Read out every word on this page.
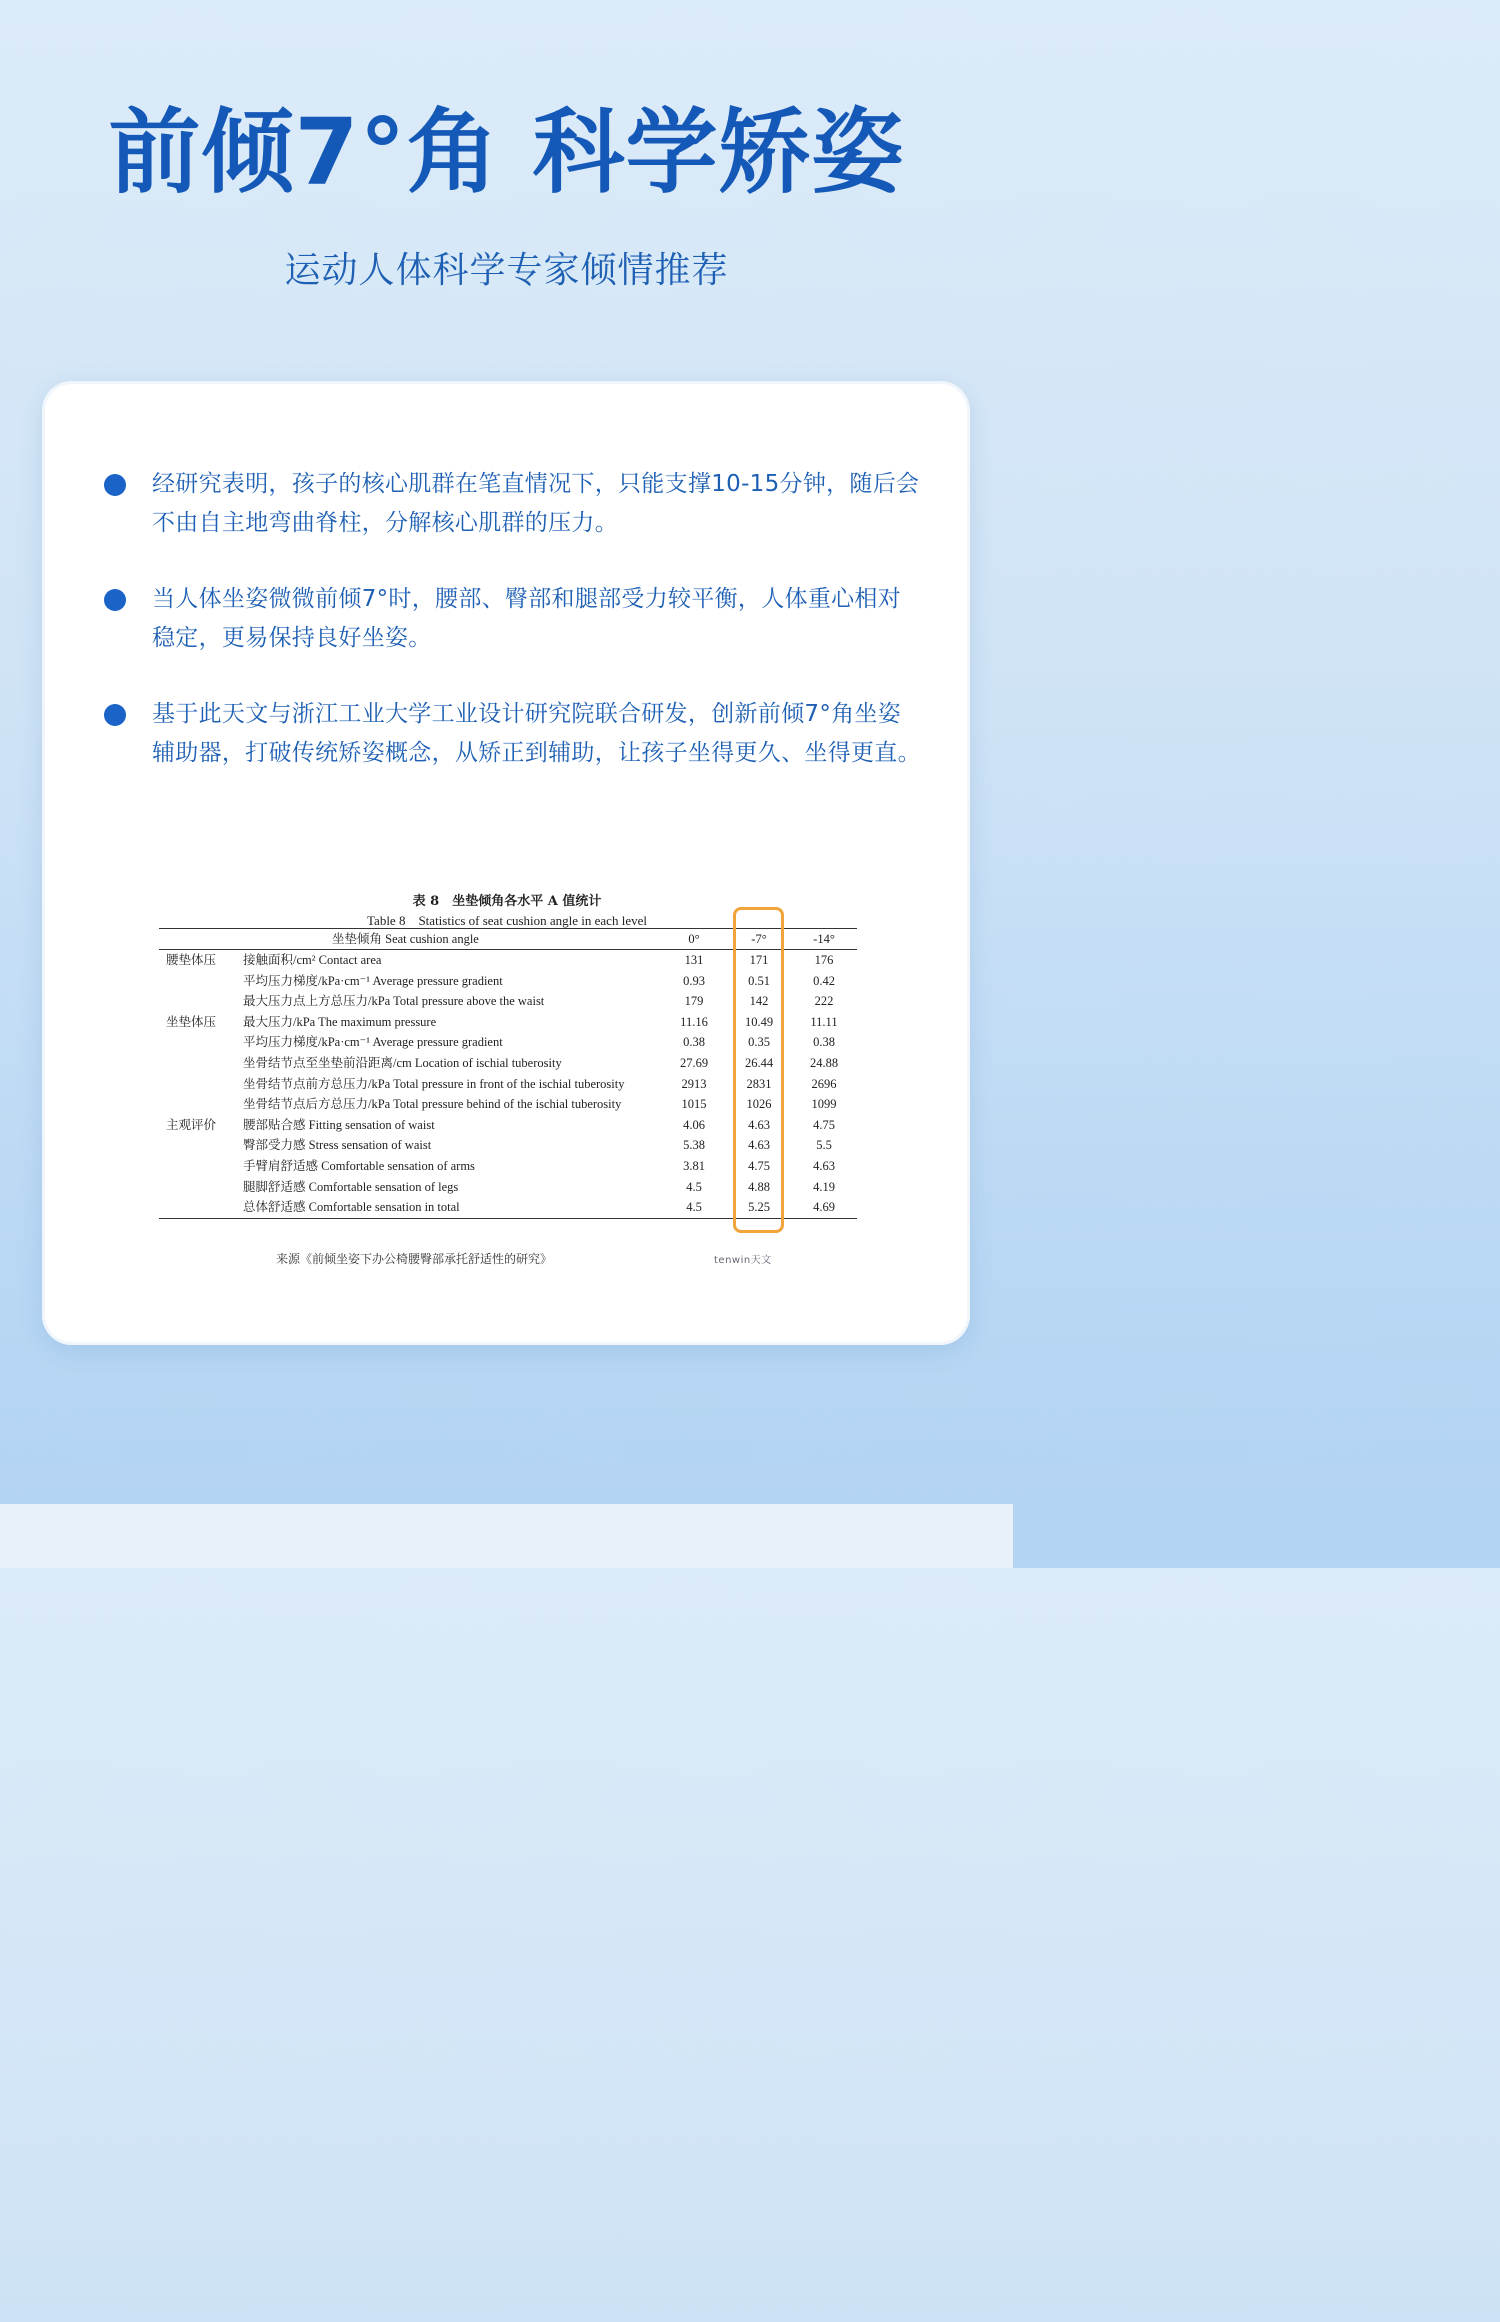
前倾7°角 科学矫姿
运动人体科学专家倾情推荐
经研究表明，孩子的核心肌群在笔直情况下，只能支撑10-15分钟，随后会不由自主地弯曲脊柱，分解核心肌群的压力。
当人体坐姿微微前倾7°时，腰部、臀部和腿部受力较平衡，人体重心相对稳定，更易保持良好坐姿。
基于此天文与浙江工业大学工业设计研究院联合研发，创新前倾7°角坐姿辅助器，打破传统矫姿概念，从矫正到辅助，让孩子坐得更久、坐得更直。
表 8　坐垫倾角各水平 A 值统计
Table 8　Statistics of seat cushion angle in each level
坐垫倾角 Seat cushion angle	0°	-7°	-14°
腰垫体压 接触面积/cm² Contact area	131	171	176
平均压力梯度/kPa·cm⁻¹ Average pressure gradient	0.93	0.51	0.42
最大压力点上方总压力/kPa Total pressure above the waist	179	142	222
坐垫体压 最大压力/kPa The maximum pressure	11.16	10.49	11.11
平均压力梯度/kPa·cm⁻¹ Average pressure gradient	0.38	0.35	0.38
坐骨结节点至坐垫前沿距离/cm Location of ischial tuberosity	27.69	26.44	24.88
坐骨结节点前方总压力/kPa Total pressure in front of the ischial tuberosity	2913	2831	2696
坐骨结节点后方总压力/kPa Total pressure behind of the ischial tuberosity	1015	1026	1099
主观评价 腰部贴合感 Fitting sensation of waist	4.06	4.63	4.75
臀部受力感 Stress sensation of waist	5.38	4.63	5.5
手臂肩舒适感 Comfortable sensation of arms	3.81	4.75	4.63
腿脚舒适感 Comfortable sensation of legs	4.5	4.88	4.19
总体舒适感 Comfortable sensation in total	4.5	5.25	4.69
来源《前倾坐姿下办公椅腰臀部承托舒适性的研究》	tenwin天文
